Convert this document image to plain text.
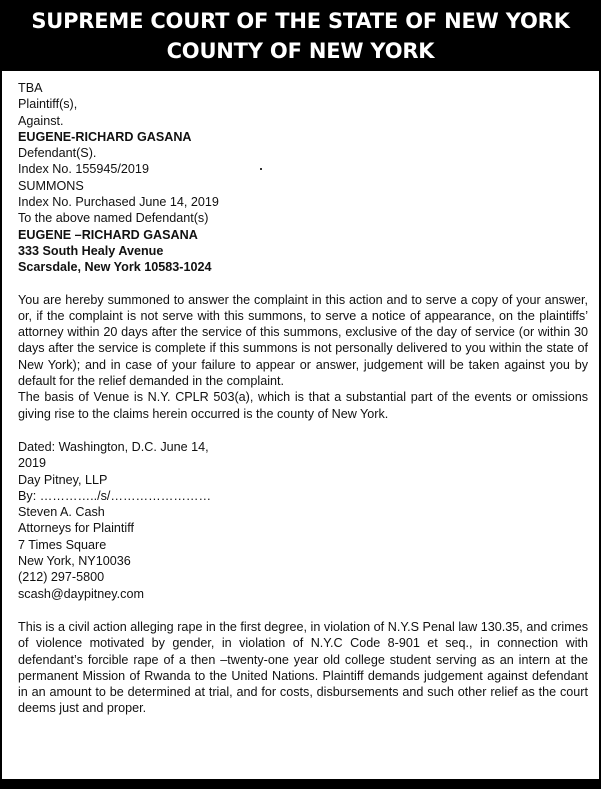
SUPREME COURT OF THE STATE OF NEW YORK
COUNTY OF NEW YORK
TBA
Plaintiff(s),
Against.
EUGENE-RICHARD GASANA
Defendant(S).
Index No. 155945/2019
SUMMONS
Index No. Purchased June 14, 2019
To the above named Defendant(s)
EUGENE –RICHARD GASANA
333 South Healy Avenue
Scarsdale, New York 10583-1024

You are hereby summoned to answer the complaint in this action and to serve a copy of your answer, or, if the complaint is not serve with this summons, to serve a notice of appearance, on the plaintiffs’ attorney within 20 days after the service of this summons, exclusive of the day of service (or within 30 days after the service is complete if this summons is not personally delivered to you within the state of New York); and in case of your failure to appear or answer, judgement will be taken against you by default for the relief demanded in the complaint.

The basis of Venue is N.Y. CPLR 503(a), which is that a substantial part of the events or omissions giving rise to the claims herein occurred is the county of New York.

Dated: Washington, D.C. June 14,
2019
Day Pitney, LLP
By: …………../s/……………………
Steven A. Cash
Attorneys for Plaintiff
7 Times Square
New York, NY10036
(212) 297-5800
scash@daypitney.com

This is a civil action alleging rape in the first degree, in violation of N.Y.S Penal law 130.35, and crimes of violence motivated by gender, in violation of N.Y.C Code 8-901 et seq., in connection with defendant’s forcible rape of a then –twenty-one year old college student serving as an intern at the permanent Mission of Rwanda to the United Nations. Plaintiff demands judgement against defendant in an amount to be determined at trial, and for costs, disbursements and such other relief as the court deems just and proper.
